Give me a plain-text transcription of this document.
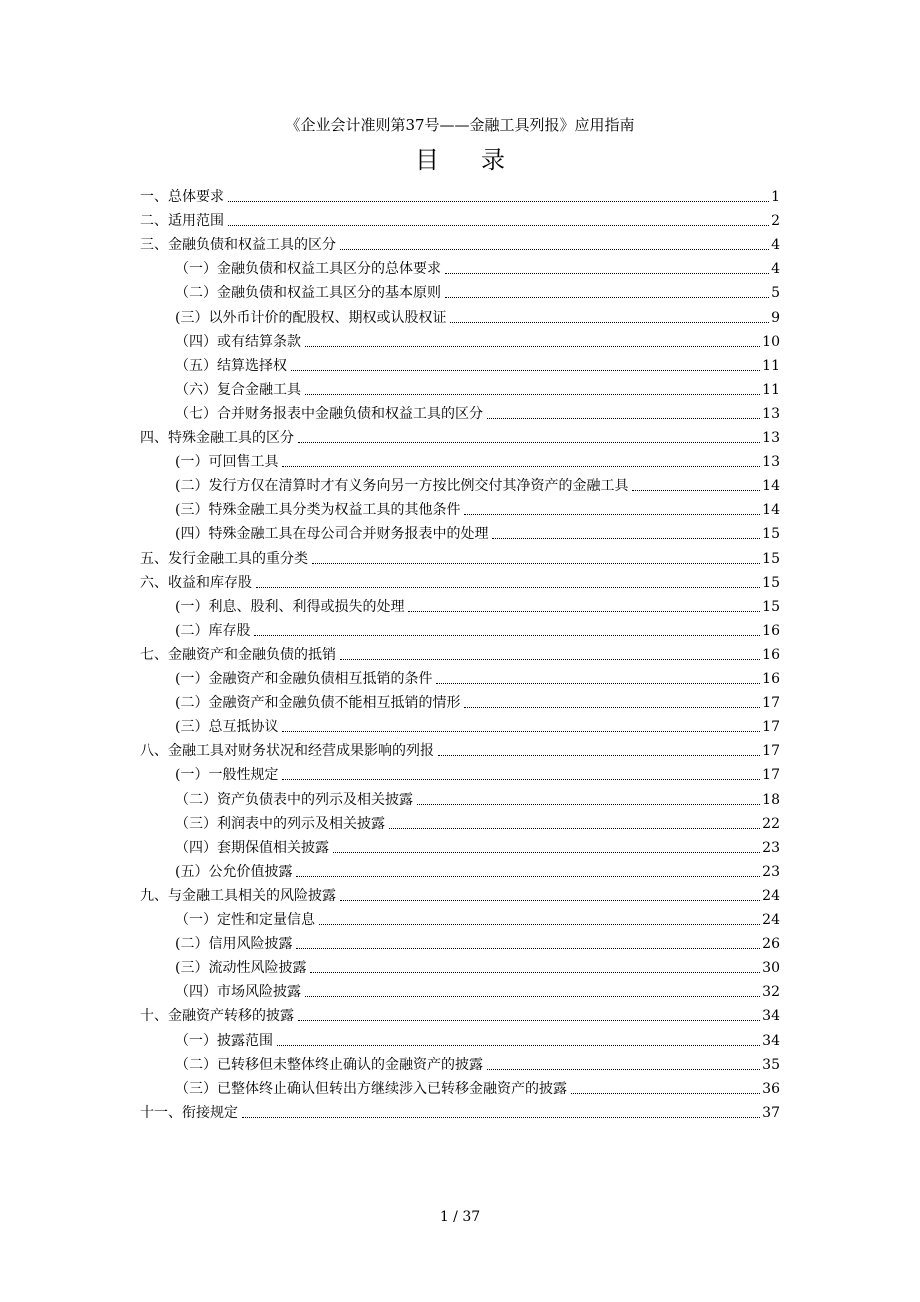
《企业会计准则第37号——金融工具列报》应用指南
目录
一、总体要求	1
二、适用范围	2
三、金融负债和权益工具的区分	4
（一）金融负债和权益工具区分的总体要求	4
（二）金融负债和权益工具区分的基本原则	5
(三）以外币计价的配股权、期权或认股权证	9
（四）或有结算条款	10
（五）结算选择权	11
（六）复合金融工具	11
（七）合并财务报表中金融负债和权益工具的区分	13
四、特殊金融工具的区分	13
(一）可回售工具	13
(二）发行方仅在清算时才有义务向另一方按比例交付其净资产的金融工具	14
(三）特殊金融工具分类为权益工具的其他条件	14
(四）特殊金融工具在母公司合并财务报表中的处理	15
五、发行金融工具的重分类	15
六、收益和库存股	15
(一）利息、股利、利得或损失的处理	15
(二）库存股	16
七、金融资产和金融负债的抵销	16
(一）金融资产和金融负债相互抵销的条件	16
(二）金融资产和金融负债不能相互抵销的情形	17
(三）总互抵协议	17
八、金融工具对财务状况和经营成果影响的列报	17
(一）一般性规定	17
（二）资产负债表中的列示及相关披露	18
（三）利润表中的列示及相关披露	22
（四）套期保值相关披露	23
(五）公允价值披露	23
九、与金融工具相关的风险披露	24
（一）定性和定量信息	24
(二）信用风险披露	26
(三）流动性风险披露	30
（四）市场风险披露	32
十、金融资产转移的披露	34
（一）披露范围	34
（二）已转移但未整体终止确认的金融资产的披露	35
（三）已整体终止确认但转出方继续涉入已转移金融资产的披露	36
十一、衔接规定	37
1 / 37
